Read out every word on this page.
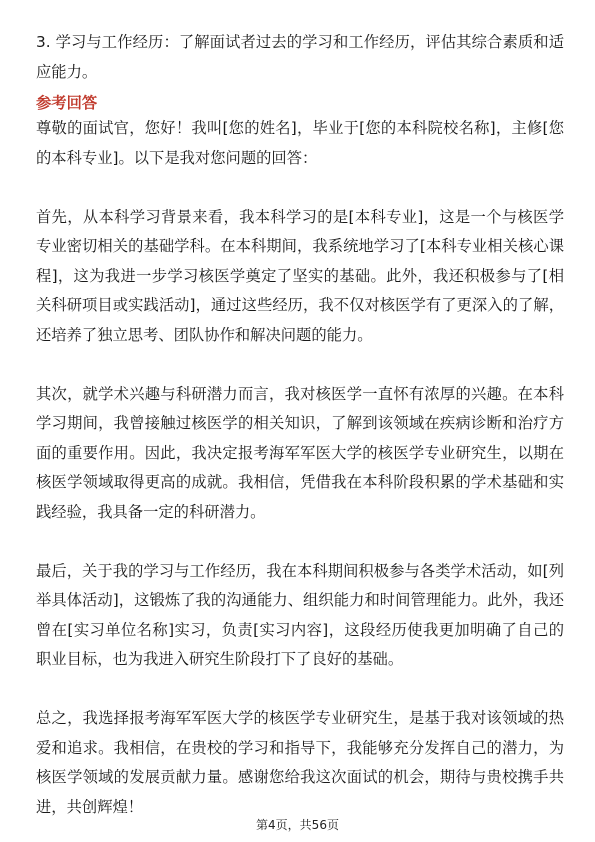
3. 学习与工作经历：了解面试者过去的学习和工作经历，评估其综合素质和适应能力。

参考回答

尊敬的面试官，您好！我叫[您的姓名]，毕业于[您的本科院校名称]，主修[您的本科专业]。以下是我对您问题的回答：

首先，从本科学习背景来看，我本科学习的是[本科专业]，这是一个与核医学专业密切相关的基础学科。在本科期间，我系统地学习了[本科专业相关核心课程]，这为我进一步学习核医学奠定了坚实的基础。此外，我还积极参与了[相关科研项目或实践活动]，通过这些经历，我不仅对核医学有了更深入的了解，还培养了独立思考、团队协作和解决问题的能力。

其次，就学术兴趣与科研潜力而言，我对核医学一直怀有浓厚的兴趣。在本科学习期间，我曾接触过核医学的相关知识，了解到该领域在疾病诊断和治疗方面的重要作用。因此，我决定报考海军军医大学的核医学专业研究生，以期在核医学领域取得更高的成就。我相信，凭借我在本科阶段积累的学术基础和实践经验，我具备一定的科研潜力。

最后，关于我的学习与工作经历，我在本科期间积极参与各类学术活动，如[列举具体活动]，这锻炼了我的沟通能力、组织能力和时间管理能力。此外，我还曾在[实习单位名称]实习，负责[实习内容]，这段经历使我更加明确了自己的职业目标，也为我进入研究生阶段打下了良好的基础。

总之，我选择报考海军军医大学的核医学专业研究生，是基于我对该领域的热爱和追求。我相信，在贵校的学习和指导下，我能够充分发挥自己的潜力，为核医学领域的发展贡献力量。感谢您给我这次面试的机会，期待与贵校携手共进，共创辉煌！

第4页，共56页
